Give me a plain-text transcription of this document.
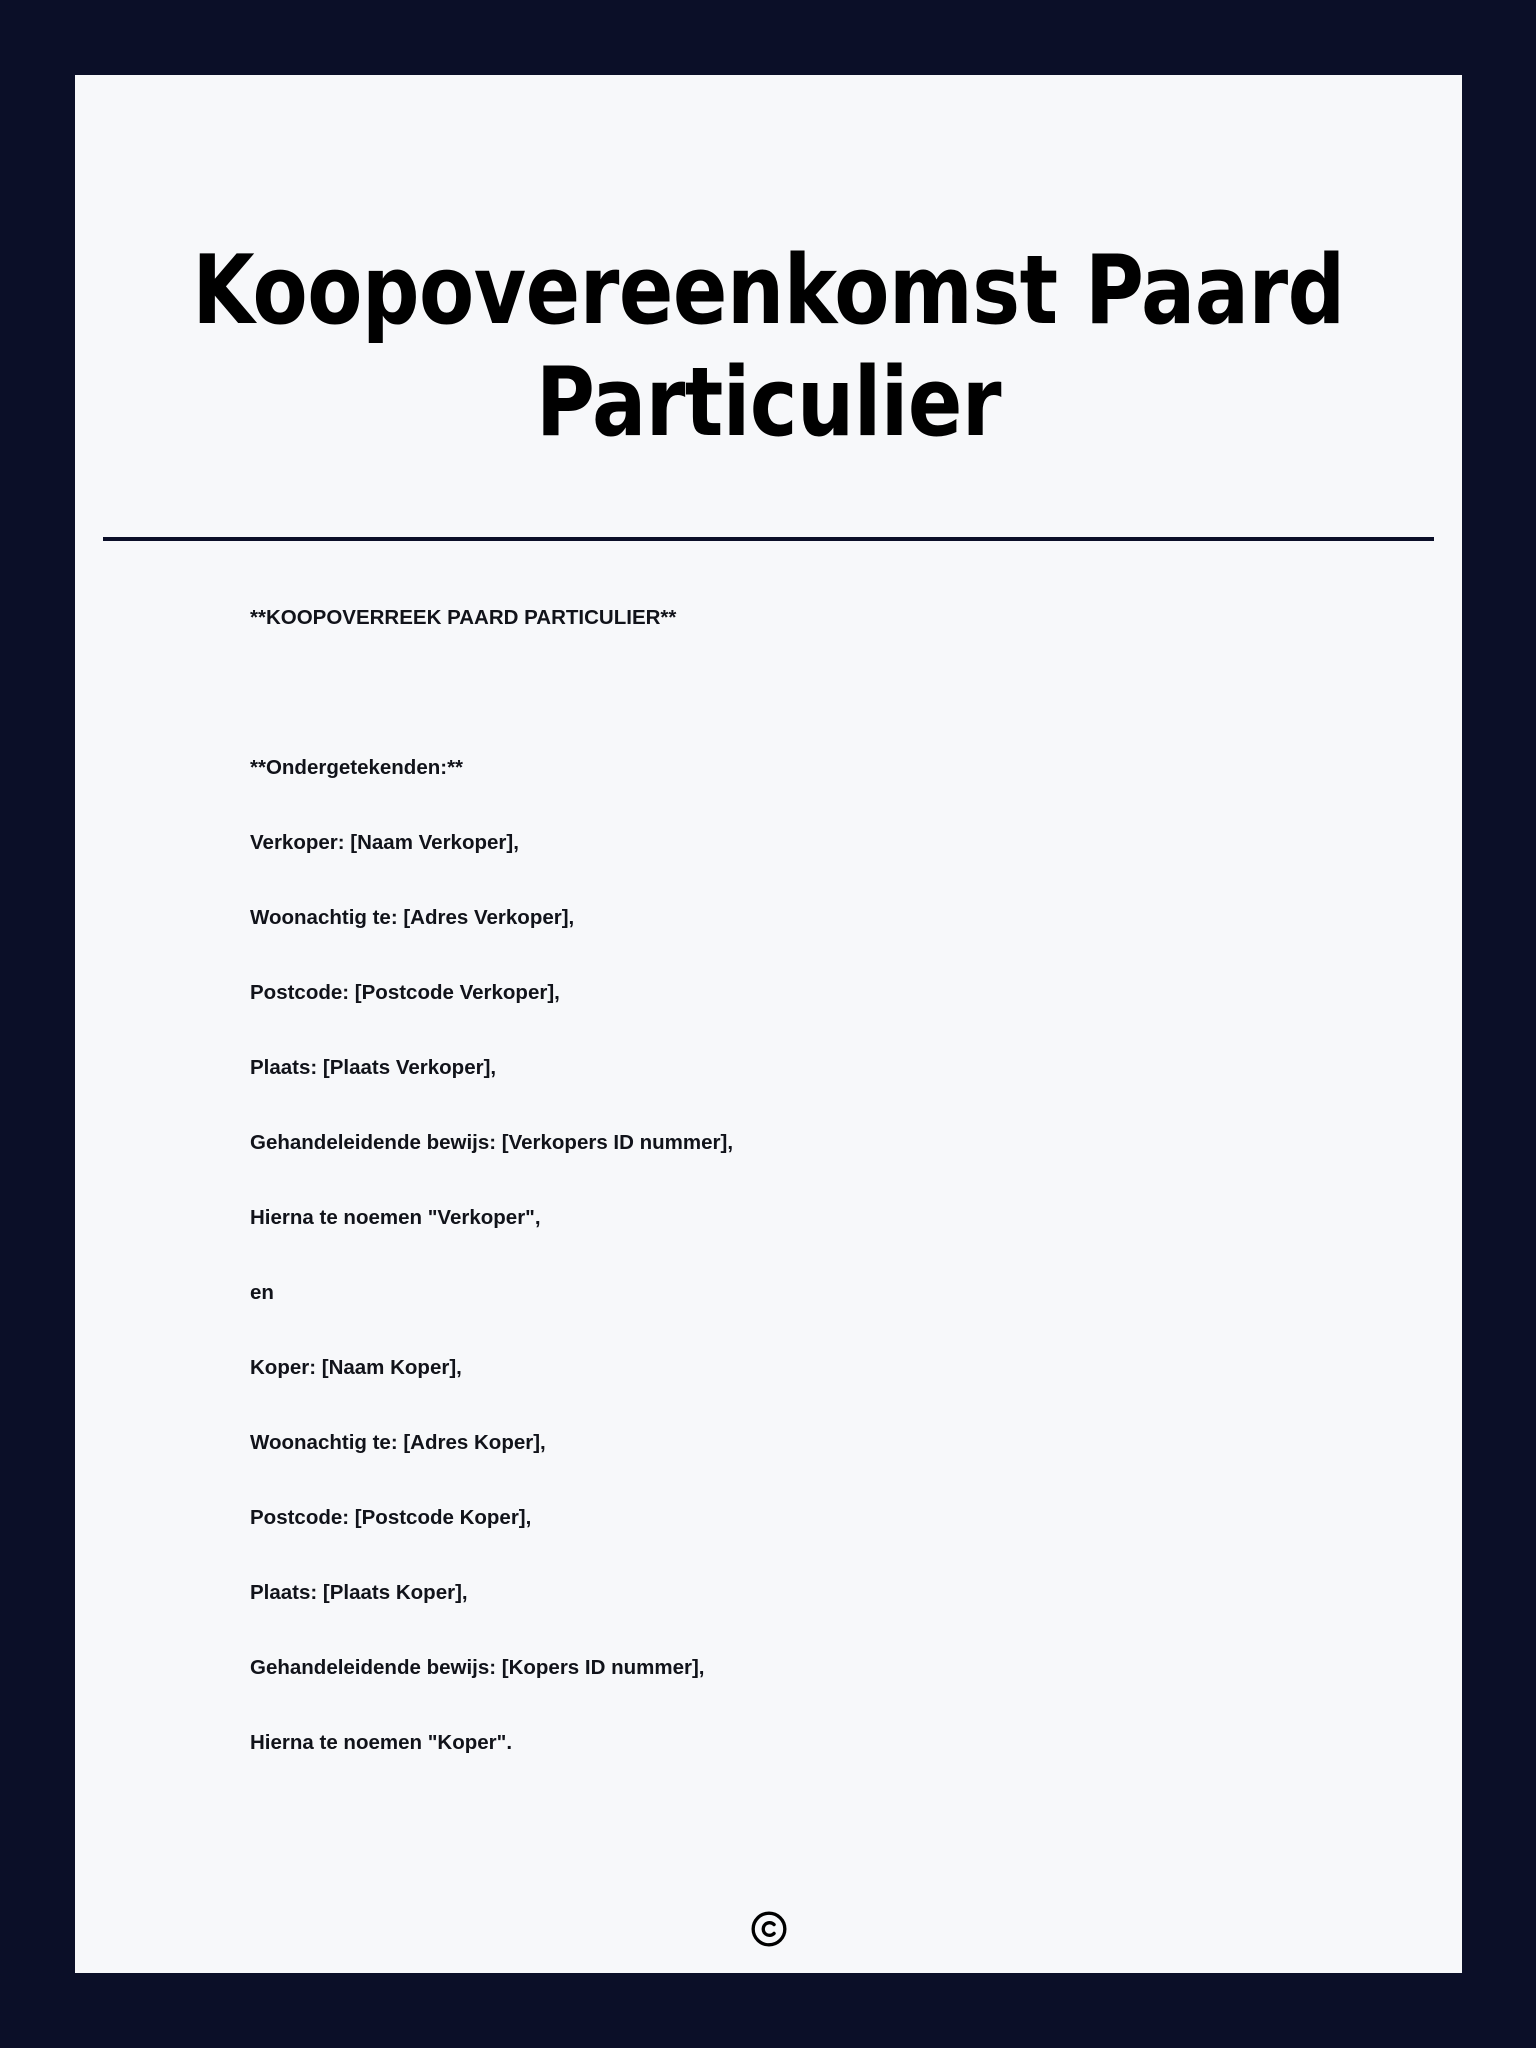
Koopovereenkomst Paard Particulier
**KOOPOVERREEK PAARD PARTICULIER**

**Ondergetekenden:**
Verkoper: [Naam Verkoper],
Woonachtig te: [Adres Verkoper],
Postcode: [Postcode Verkoper],
Plaats: [Plaats Verkoper],
Gehandeleidende bewijs: [Verkopers ID nummer],
Hierna te noemen "Verkoper",
en
Koper: [Naam Koper],
Woonachtig te: [Adres Koper],
Postcode: [Postcode Koper],
Plaats: [Plaats Koper],
Gehandeleidende bewijs: [Kopers ID nummer],
Hierna te noemen "Koper".
